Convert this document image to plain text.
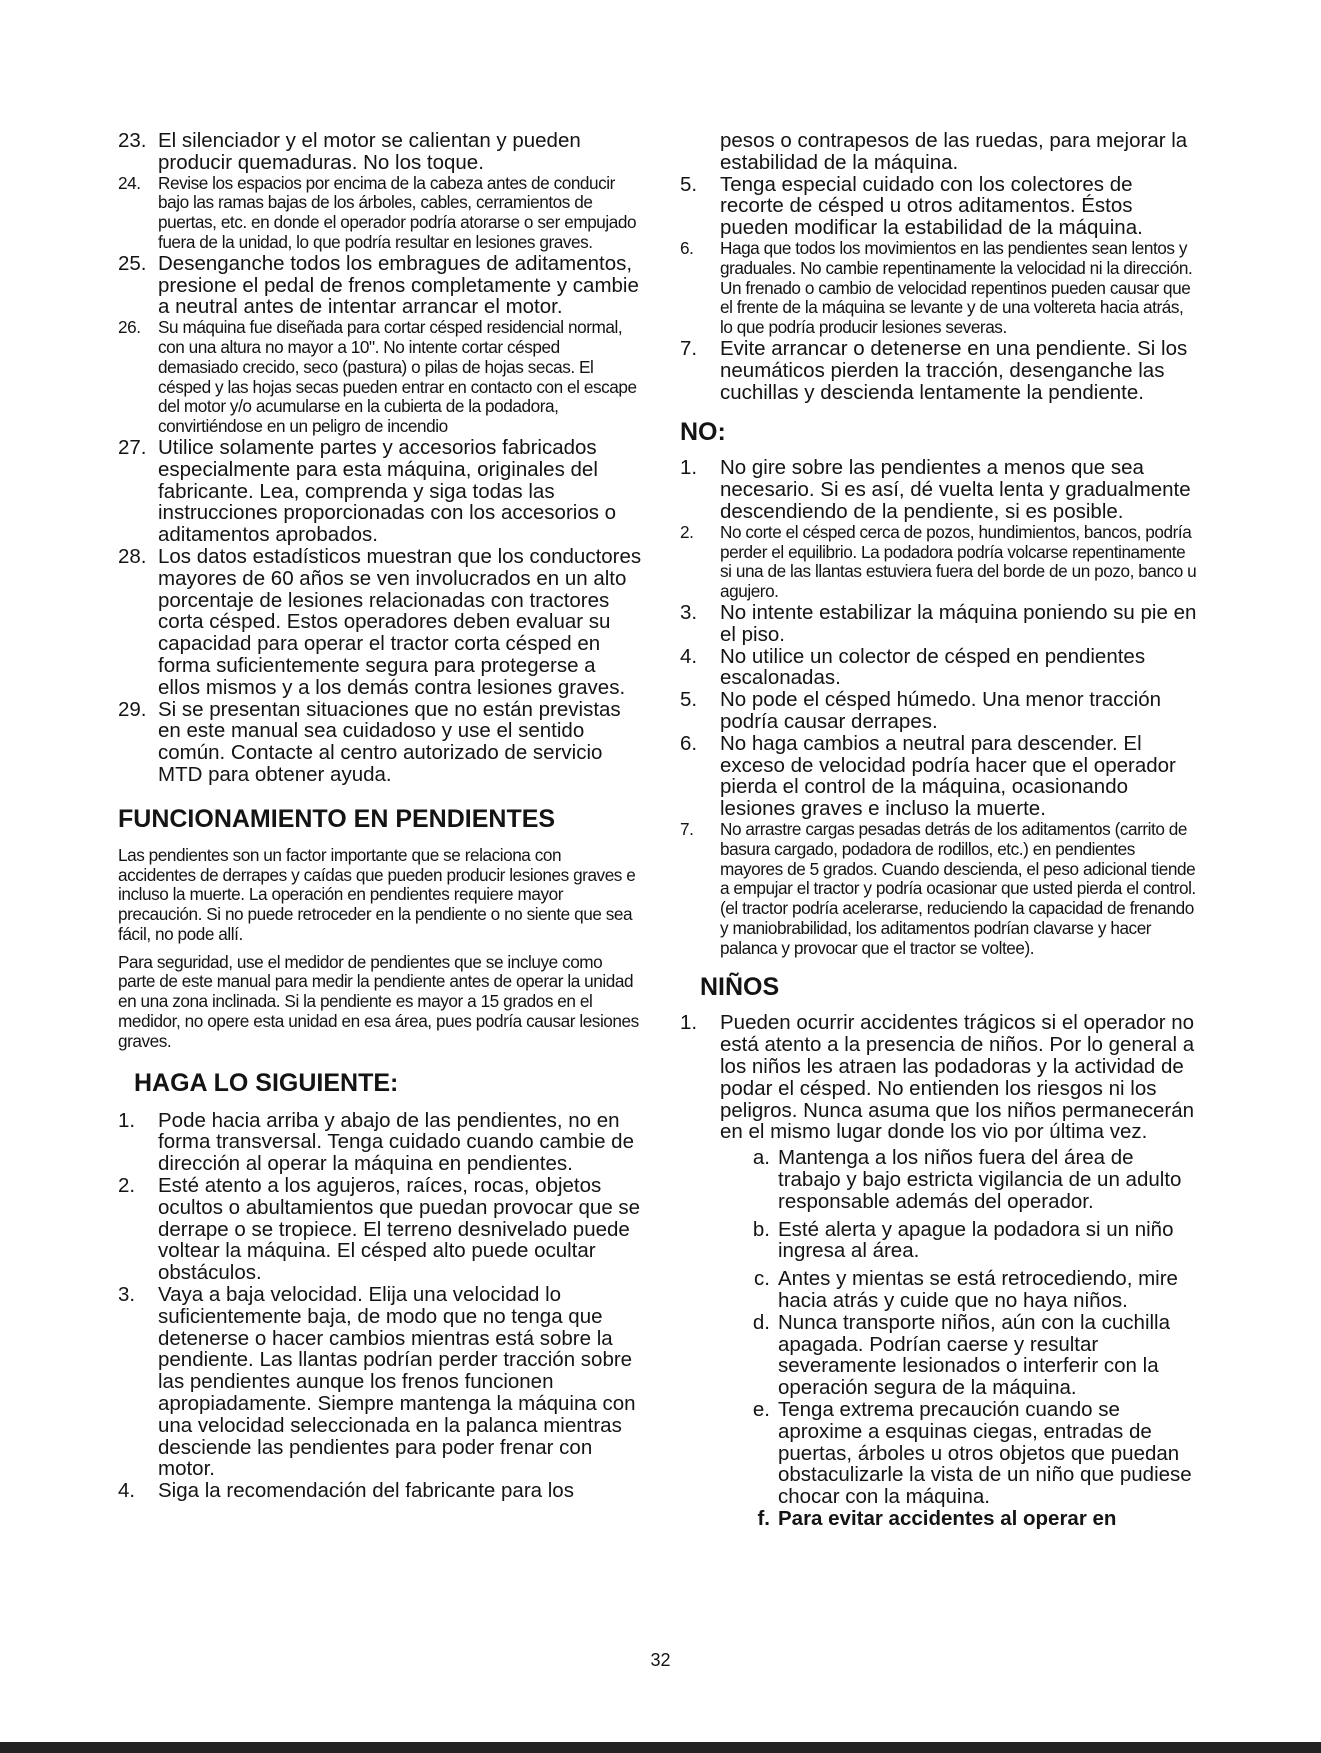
23. El silenciador y el motor se calientan y pueden producir quemaduras. No los toque.
24.	Revise los espacios por encima de la cabeza antes de conducir bajo las ramas bajas de los árboles, cables, cerramientos de puertas, etc. en donde el operador podría atorarse o ser empujado fuera de la unidad, lo que podría resultar en lesiones graves.
25. Desenganche todos los embragues de aditamentos, presione el pedal de frenos completamente y cambie a neutral antes de intentar arrancar el motor.
26.	Su máquina fue diseñada para cortar césped residencial normal, con una altura no mayor a 10". No intente cortar césped demasiado crecido, seco (pastura) o pilas de hojas secas. El césped y las hojas secas pueden entrar en contacto con el escape del motor y/o acumularse en la cubierta de la podadora, convirtiéndose en un peligro de incendio
27. Utilice solamente partes y accesorios fabricados especialmente para esta máquina, originales del fabricante. Lea, comprenda y siga todas las instrucciones proporcionadas con los accesorios o aditamentos aprobados.
28. Los datos estadísticos muestran que los conductores mayores de 60 años se ven involucrados en un alto porcentaje de lesiones relacionadas con tractores corta césped. Estos operadores deben evaluar su capacidad para operar el tractor corta césped en forma suficientemente segura para protegerse a ellos mismos y a los demás contra lesiones graves.
29. Si se presentan situaciones que no están previstas en este manual sea cuidadoso y use el sentido común. Contacte al centro autorizado de servicio MTD para obtener ayuda.
FUNCIONAMIENTO EN PENDIENTES

Las pendientes son un factor importante que se relaciona con accidentes de derrapes y caídas que pueden producir lesiones graves e incluso la muerte. La operación en pendientes requiere mayor precaución. Si no puede retroceder en la pendiente o no siente que sea fácil, no pode allí.

Para seguridad, use el medidor de pendientes que se incluye como parte de este manual para medir la pendiente antes de operar la unidad en una zona inclinada. Si la pendiente es mayor a 15 grados en el medidor, no opere esta unidad en esa área, pues podría causar lesiones graves.

HAGA LO SIGUIENTE:
1.	Pode hacia arriba y abajo de las pendientes, no en forma transversal. Tenga cuidado cuando cambie de dirección al operar la máquina en pendientes.
2.	Esté atento a los agujeros, raíces, rocas, objetos ocultos o abultamientos que puedan provocar que se derrape o se tropiece. El terreno desnivelado puede voltear la máquina. El césped alto puede ocultar obstáculos.
3.	Vaya a baja velocidad. Elija una velocidad lo suficientemente baja, de modo que no tenga que detenerse o hacer cambios mientras está sobre la pendiente. Las llantas podrían perder tracción sobre las pendientes aunque los frenos funcionen apropiadamente. Siempre mantenga la máquina con una velocidad seleccionada en la palanca mientras desciende las pendientes para poder frenar con motor.
4.	Siga la recomendación del fabricante para los
pesos o contrapesos de las ruedas, para mejorar la estabilidad de la máquina.
5.	Tenga especial cuidado con los colectores de recorte de césped u otros aditamentos. Éstos pueden modificar la estabilidad de la máquina.
6.	Haga que todos los movimientos en las pendientes sean lentos y graduales. No cambie repentinamente la velocidad ni la dirección. Un frenado o cambio de velocidad repentinos pueden causar que el frente de la máquina se levante y de una voltereta hacia atrás, lo que podría producir lesiones severas.
7.	Evite arrancar o detenerse en una pendiente. Si los neumáticos pierden la tracción, desenganche las cuchillas y descienda lentamente la pendiente.
NO:
1.	No gire sobre las pendientes a menos que sea necesario. Si es así, dé vuelta lenta y gradualmente descendiendo de la pendiente, si es posible.
2.	No corte el césped cerca de pozos, hundimientos, bancos, podría perder el equilibrio. La podadora podría volcarse repentinamente si una de las llantas estuviera fuera del borde de un pozo, banco u agujero.
3.	No intente estabilizar la máquina poniendo su pie en el piso.
4.	No utilice un colector de césped en pendientes escalonadas.
5.	No pode el césped húmedo. Una menor tracción podría causar derrapes.
6.	No haga cambios a neutral para descender. El exceso de velocidad podría hacer que el operador pierda el control de la máquina, ocasionando lesiones graves e incluso la muerte.
7.	No arrastre cargas pesadas detrás de los aditamentos (carrito de basura cargado, podadora de rodillos, etc.) en pendientes mayores de 5 grados. Cuando descienda, el peso adicional tiende a empujar el tractor y podría ocasionar que usted pierda el control. (el tractor podría acelerarse, reduciendo la capacidad de frenando y maniobrabilidad, los aditamentos podrían clavarse y hacer palanca y provocar que el tractor se voltee).
NIÑOS
1.	Pueden ocurrir accidentes trágicos si el operador no está atento a la presencia de niños. Por lo general a los niños les atraen las podadoras y la actividad de podar el césped. No entienden los riesgos ni los peligros. Nunca asuma que los niños permanecerán en el mismo lugar donde los vio por última vez.
a. Mantenga a los niños fuera del área de trabajo y bajo estricta vigilancia de un adulto responsable además del operador.
b. Esté alerta y apague la podadora si un niño ingresa al área.
c. Antes y mientas se está retrocediendo, mire hacia atrás y cuide que no haya niños.
d. Nunca transporte niños, aún con la cuchilla apagada. Podrían caerse y resultar severamente lesionados o interferir con la operación segura de la máquina.
e. Tenga extrema precaución cuando se aproxime a esquinas ciegas, entradas de puertas, árboles u otros objetos que puedan obstaculizarle la vista de un niño que pudiese chocar con la máquina.
f. Para evitar accidentes al operar en
32
